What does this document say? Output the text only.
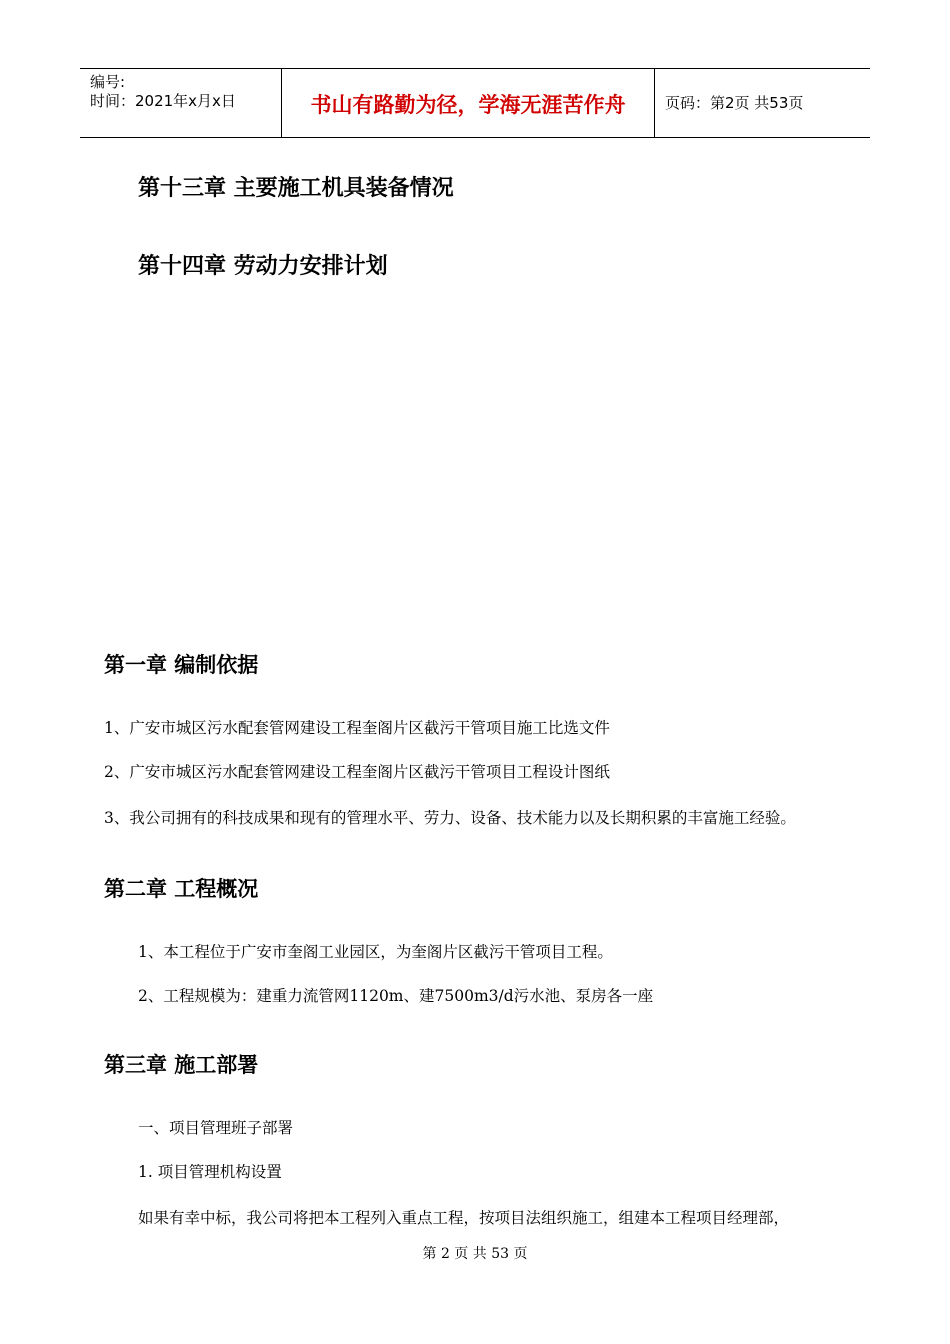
编号:
时间：2021年x月x日	书山有路勤为径，学海无涯苦作舟	页码：第2页 共53页
第十三章 主要施工机具装备情况
第十四章 劳动力安排计划
第一章 编制依据
1、广安市城区污水配套管网建设工程奎阁片区截污干管项目施工比选文件
2、广安市城区污水配套管网建设工程奎阁片区截污干管项目工程设计图纸
3、我公司拥有的科技成果和现有的管理水平、劳力、设备、技术能力以及长期积累的丰富施工经验。
第二章 工程概况
1、本工程位于广安市奎阁工业园区，为奎阁片区截污干管项目工程。
2、工程规模为：建重力流管网1120m、建7500m3/d污水池、泵房各一座
第三章 施工部署
一、项目管理班子部署
1. 项目管理机构设置
如果有幸中标，我公司将把本工程列入重点工程，按项目法组织施工，组建本工程项目经理部，
第 2 页 共 53 页
